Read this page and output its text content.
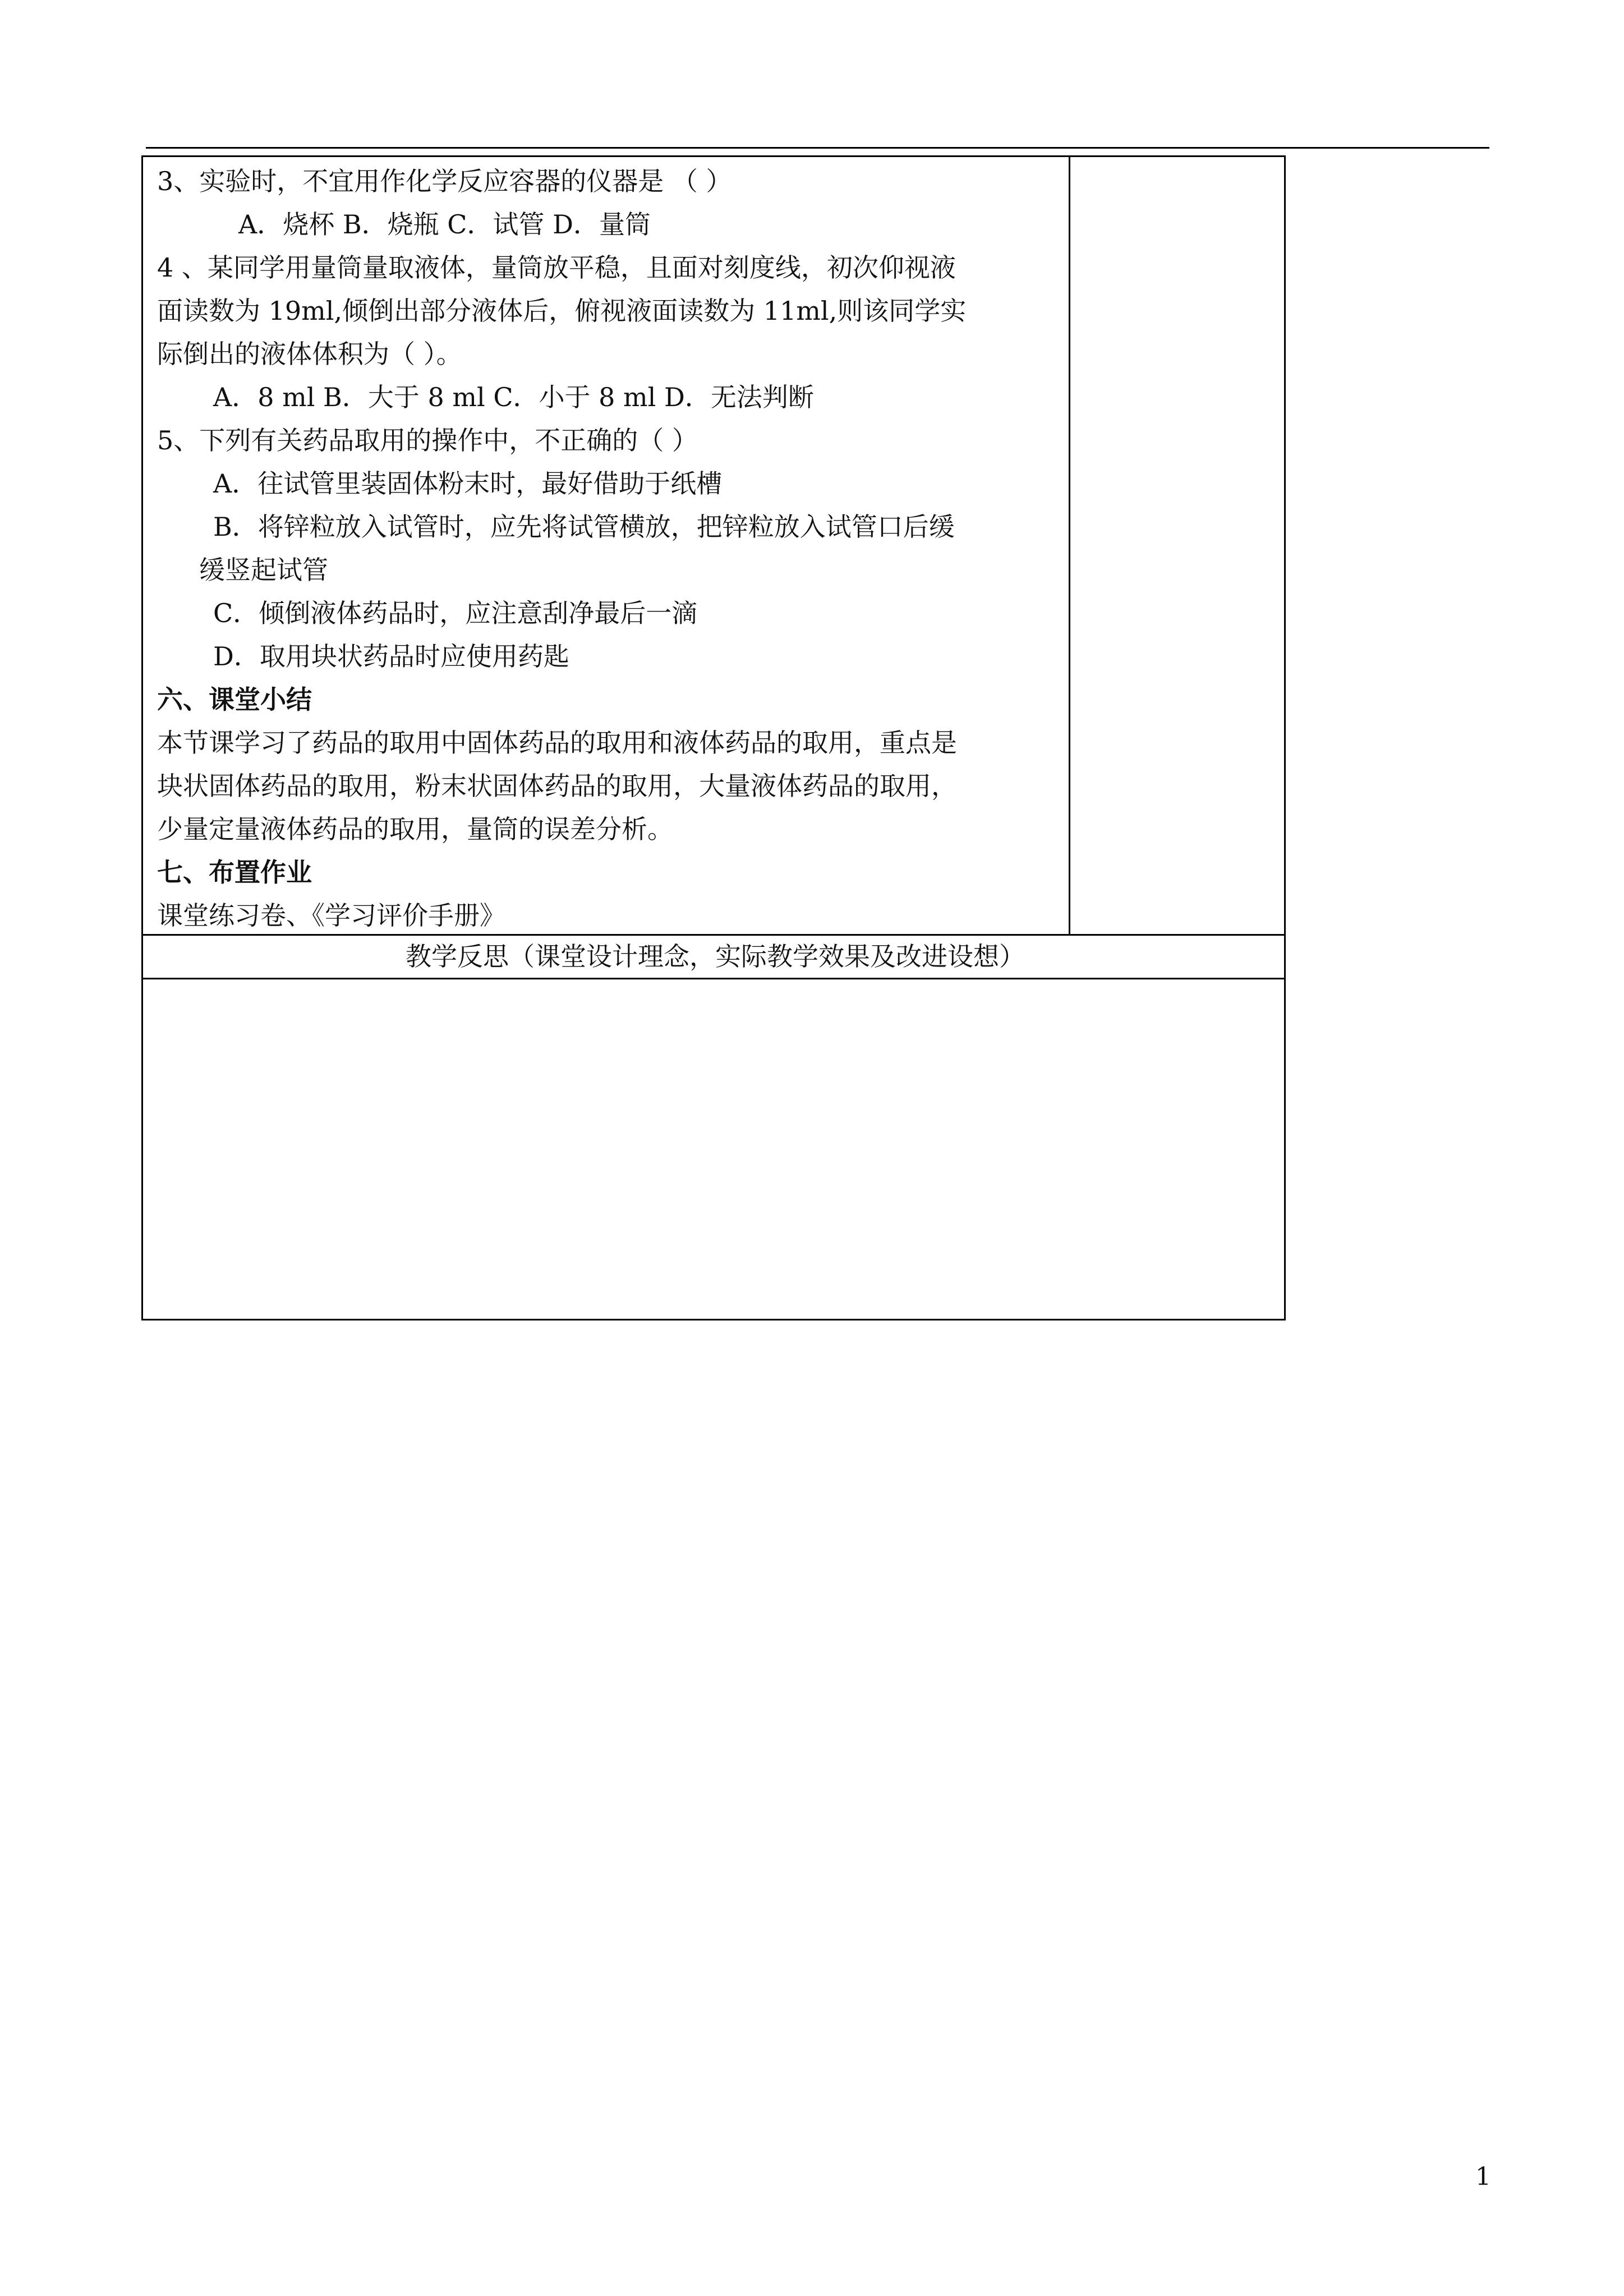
3、实验时，不宜用作化学反应容器的仪器是 （ ）
A．烧杯 B．烧瓶 C．试管 D．量筒
4 、某同学用量筒量取液体，量筒放平稳，且面对刻度线，初次仰视液
面读数为 19ml,倾倒出部分液体后，俯视液面读数为 11ml,则该同学实
际倒出的液体体积为（ ）。
A．8 ml B．大于 8 ml C．小于 8 ml D．无法判断
5、下列有关药品取用的操作中，不正确的（ ）
A．往试管里装固体粉末时，最好借助于纸槽
B．将锌粒放入试管时，应先将试管横放，把锌粒放入试管口后缓
缓竖起试管
C．倾倒液体药品时，应注意刮净最后一滴
D．取用块状药品时应使用药匙
六、课堂小结
本节课学习了药品的取用中固体药品的取用和液体药品的取用，重点是
块状固体药品的取用，粉末状固体药品的取用，大量液体药品的取用，
少量定量液体药品的取用，量筒的误差分析。
七、布置作业
课堂练习卷、《学习评价手册》
教学反思（课堂设计理念，实际教学效果及改进设想）
1
